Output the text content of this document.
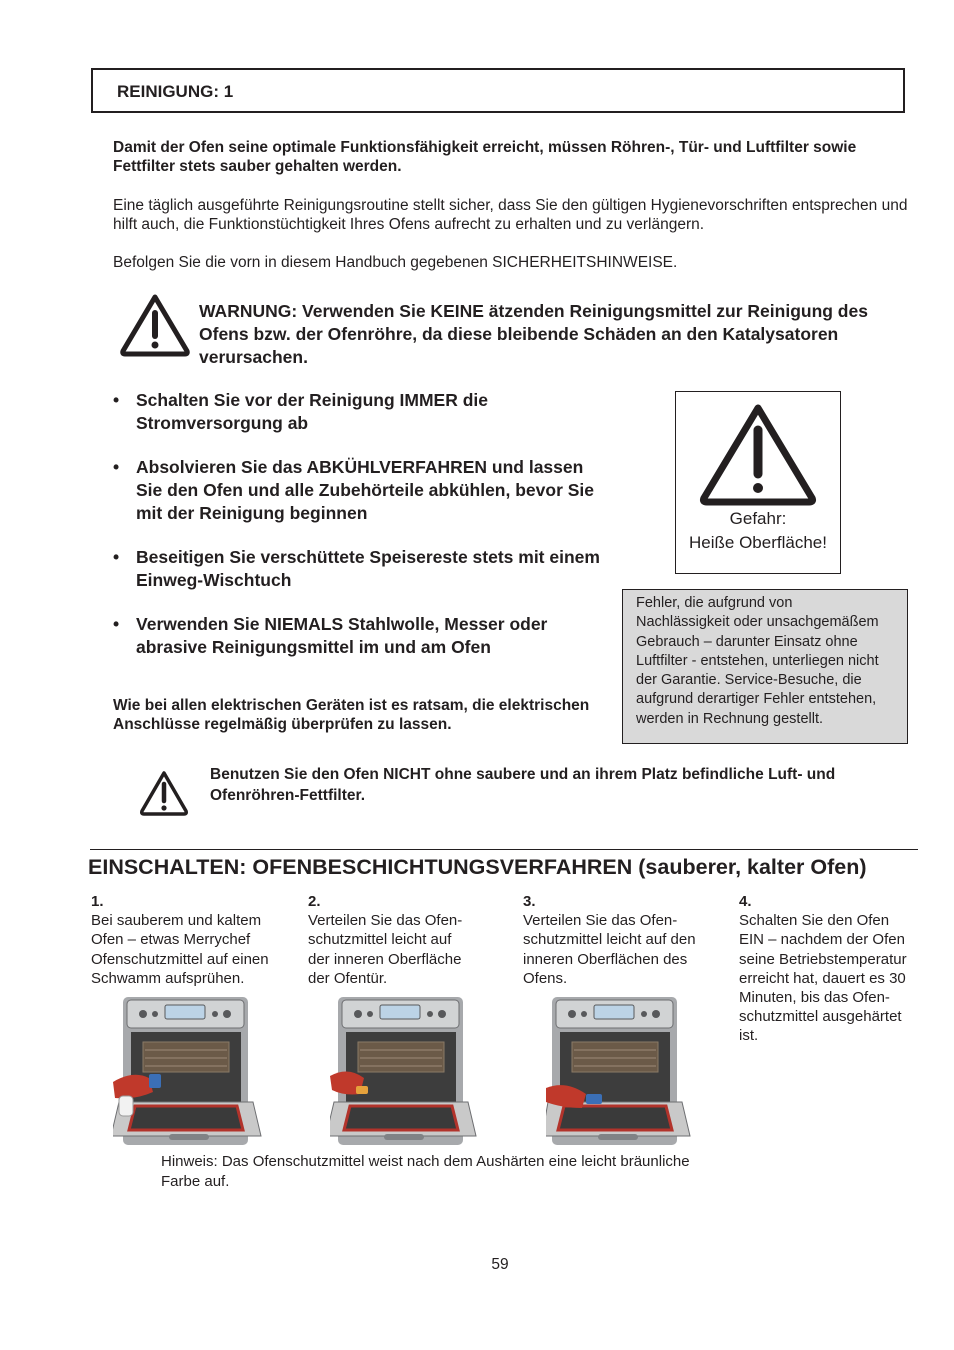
REINIGUNG: 1
Damit der Ofen seine optimale Funktionsfähigkeit erreicht, müssen Röhren-, Tür- und Luftfilter sowie Fettfilter stets sauber gehalten werden.

Eine täglich ausgeführte Reinigungsroutine stellt sicher, dass Sie den gültigen Hygienevorschriften entsprechen und hilft auch, die Funktionstüchtigkeit Ihres Ofens aufrecht zu erhalten und zu verlängern.

Befolgen Sie die vorn in diesem Handbuch gegebenen SICHERHEITSHINWEISE.

WARNUNG: Verwenden Sie KEINE ätzenden Reinigungsmittel zur Reinigung des Ofens bzw. der Ofenröhre, da diese bleibende Schäden an den Katalysatoren verursachen.
• Schalten Sie vor der Reinigung IMMER die Stromversorgung ab
• Absolvieren Sie das ABKÜHLVERFAHREN und lassen Sie den Ofen und alle Zubehörteile abkühlen, bevor Sie mit der Reinigung beginnen
• Beseitigen Sie verschüttete Speisereste stets mit einem Einweg-Wischtuch
• Verwenden Sie NIEMALS Stahlwolle, Messer oder abrasive Reinigungsmittel im und am Ofen
Wie bei allen elektrischen Geräten ist es ratsam, die elektrischen Anschlüsse regelmäßig überprüfen zu lassen.
Gefahr:
Heiße Oberfläche!
Fehler, die aufgrund von
Nachlässigkeit oder unsachgemäßem
Gebrauch – darunter Einsatz ohne
Luftfilter - entstehen, unterliegen nicht
der Garantie. Service-Besuche, die
aufgrund derartiger Fehler entstehen,
werden in Rechnung gestellt.
Benutzen Sie den Ofen NICHT ohne saubere und an ihrem Platz befindliche Luft- und Ofenröhren-Fettfilter.
EINSCHALTEN: OFENBESCHICHTUNGSVERFAHREN (sauberer, kalter Ofen)
1.
Bei sauberem und kaltem
Ofen – etwas Merrychef
Ofenschutzmittel auf einen
Schwamm aufsprühen.
2.
Verteilen Sie das Ofen-
schutzmittel leicht auf
der inneren Oberfläche
der Ofentür.
3.
Verteilen Sie das Ofen-
schutzmittel leicht auf den
inneren Oberflächen des
Ofens.
4.
Schalten Sie den Ofen
EIN – nachdem der Ofen
seine Betriebstemperatur
erreicht hat, dauert es 30
Minuten, bis das Ofen-
schutzmittel ausgehärtet
ist.
Hinweis: Das Ofenschutzmittel weist nach dem Aushärten eine leicht bräunliche
Farbe auf.
59
